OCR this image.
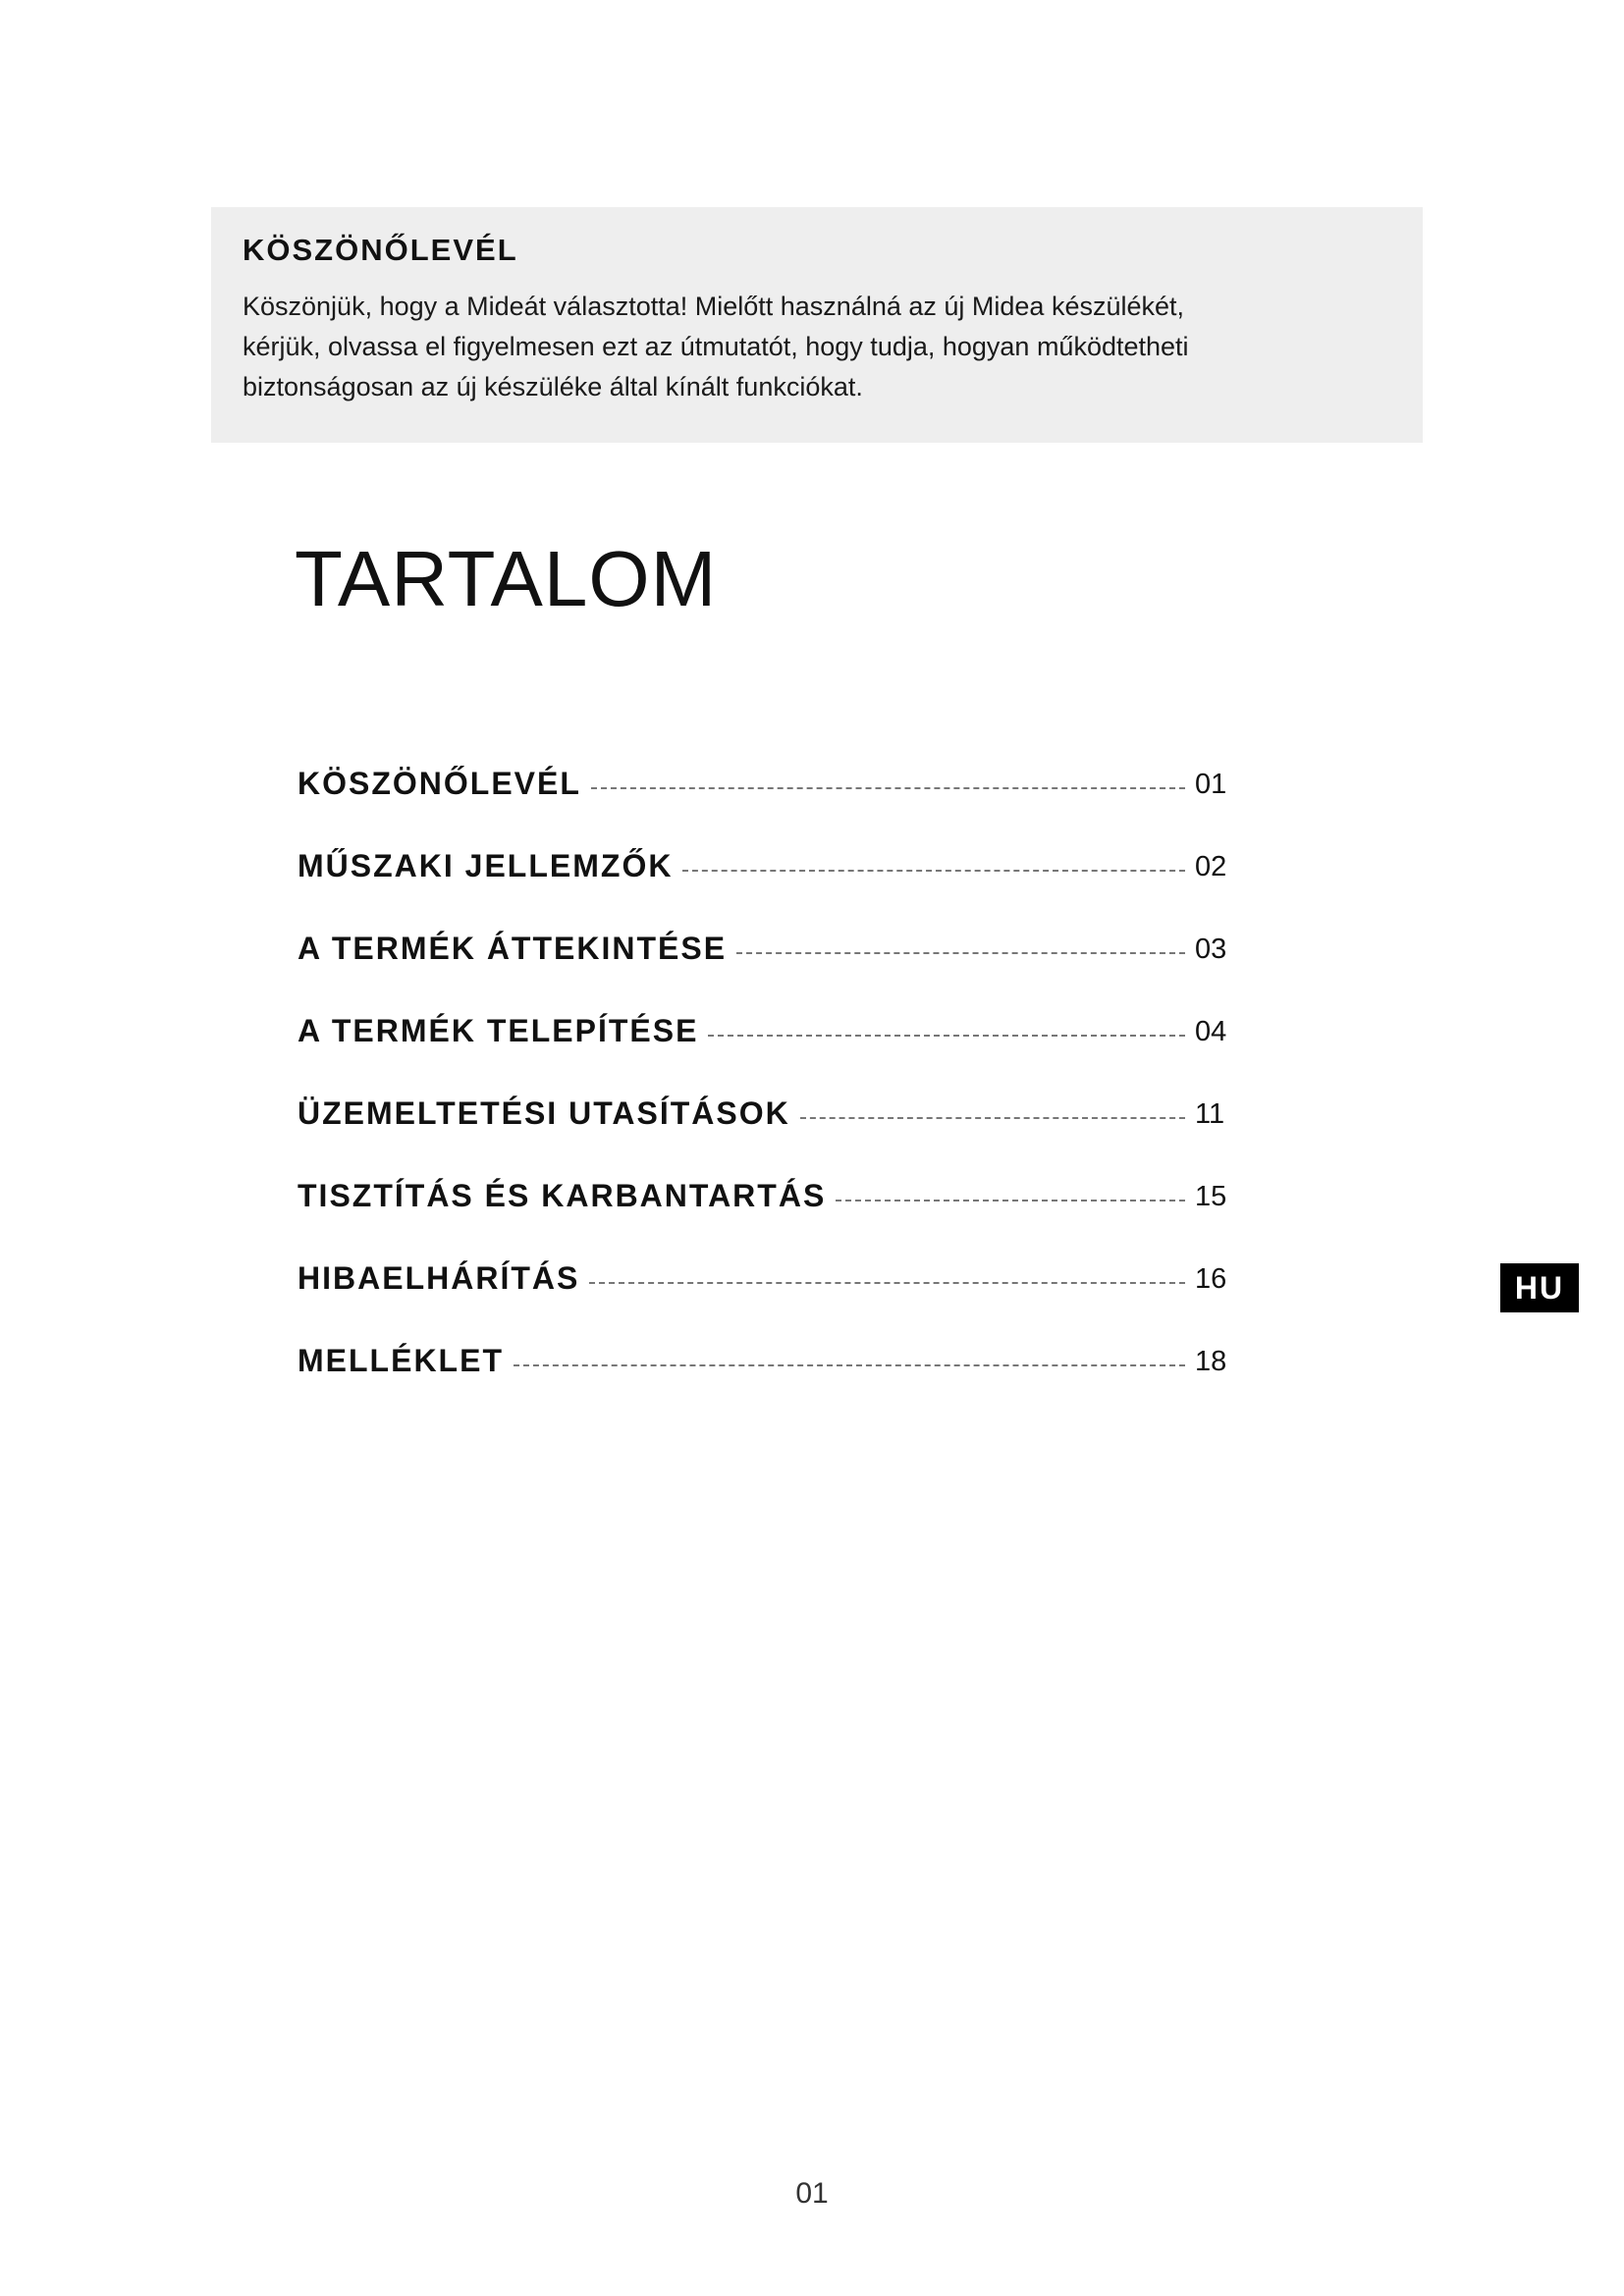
KÖSZÖNŐLEVÉL

Köszönjük, hogy a Mideát választotta! Mielőtt használná az új Midea készülékét,
kérjük, olvassa el figyelmesen ezt az útmutatót, hogy tudja, hogyan működtetheti
biztonságosan az új készüléke által kínált funkciókat.

TARTALOM
KÖSZÖNŐLEVÉL	01
MŰSZAKI JELLEMZŐK	02
A TERMÉK ÁTTEKINTÉSE	03
A TERMÉK TELEPÍTÉSE	04
ÜZEMELTETÉSI UTASÍTÁSOK	11
TISZTÍTÁS ÉS KARBANTARTÁS	15
HIBAELHÁRÍTÁS	16
MELLÉKLET	18
HU
01
